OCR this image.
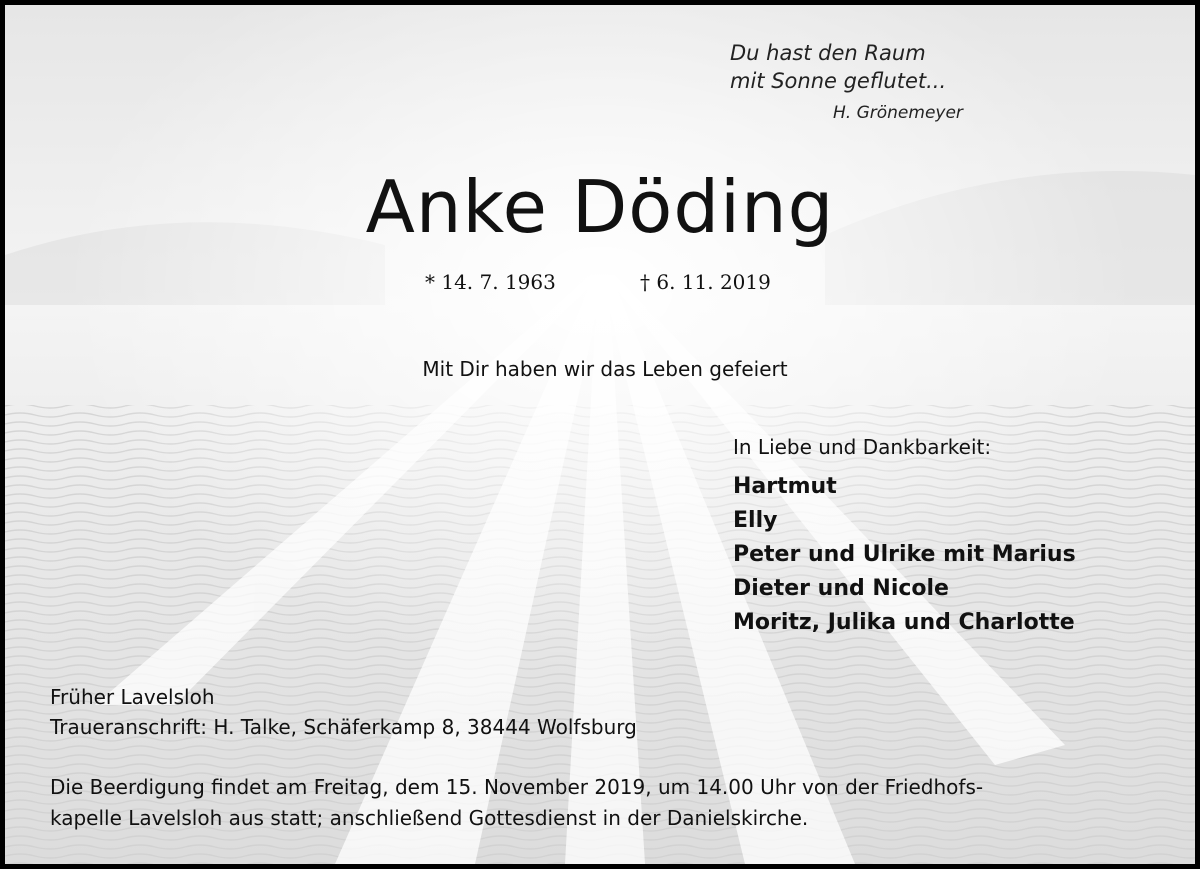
Du hast den Raum
mit Sonne geflutet...
H. Grönemeyer
Anke Döding
* 14. 7. 1963	† 6. 11. 2019
Mit Dir haben wir das Leben gefeiert
In Liebe und Dankbarkeit:
Hartmut
Elly
Peter und Ulrike mit Marius
Dieter und Nicole
Moritz, Julika und Charlotte
Früher Lavelsloh
Traueranschrift: H. Talke, Schäferkamp 8, 38444 Wolfsburg
Die Beerdigung findet am Freitag, dem 15. November 2019, um 14.00 Uhr von der Friedhofs-
kapelle Lavelsloh aus statt; anschließend Gottesdienst in der Danielskirche.
